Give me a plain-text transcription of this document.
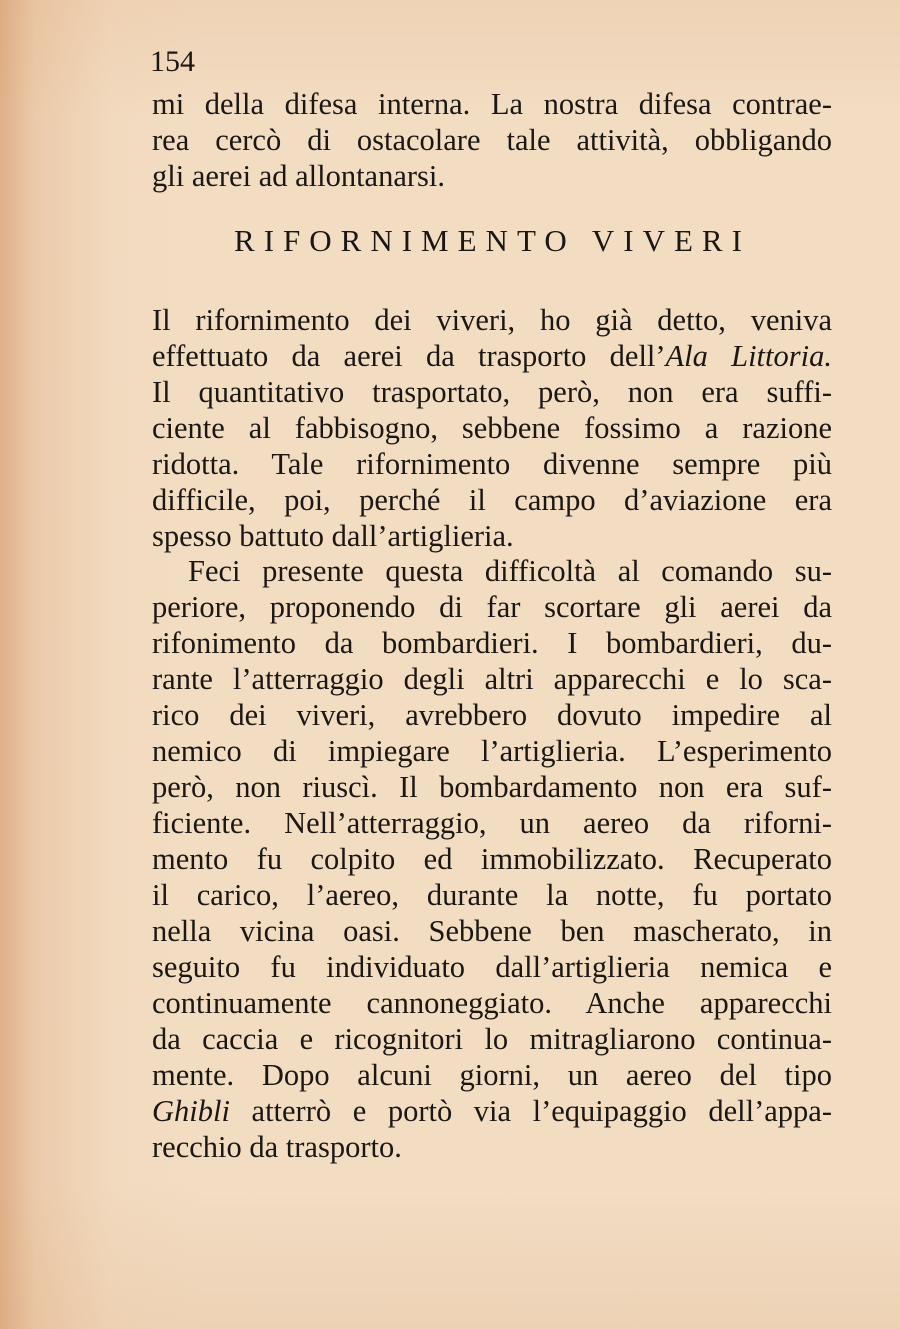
154

mi della difesa interna. La nostra difesa contrae-

rea cercò di ostacolare tale attività, obbligando

gli aerei ad allontanarsi.

RIFORNIMENTO VIVERI

Il rifornimento dei viveri, ho già detto, veniva

effettuato da aerei da trasporto dell’Ala Littoria.

Il quantitativo trasportato, però, non era suffi-

ciente al fabbisogno, sebbene fossimo a razione

ridotta. Tale rifornimento divenne sempre più

difficile, poi, perché il campo d’aviazione era

spesso battuto dall’artiglieria.

Feci presente questa difficoltà al comando su-

periore, proponendo di far scortare gli aerei da

rifonimento da bombardieri. I bombardieri, du-

rante l’atterraggio degli altri apparecchi e lo sca-

rico dei viveri, avrebbero dovuto impedire al

nemico di impiegare l’artiglieria. L’esperimento

però, non riuscì. Il bombardamento non era suf-

ficiente. Nell’atterraggio, un aereo da riforni-

mento fu colpito ed immobilizzato. Recuperato

il carico, l’aereo, durante la notte, fu portato

nella vicina oasi. Sebbene ben mascherato, in

seguito fu individuato dall’artiglieria nemica e

continuamente cannoneggiato. Anche apparecchi

da caccia e ricognitori lo mitragliarono continua-

mente. Dopo alcuni giorni, un aereo del tipo

Ghibli atterrò e portò via l’equipaggio dell’appa-

recchio da trasporto.
